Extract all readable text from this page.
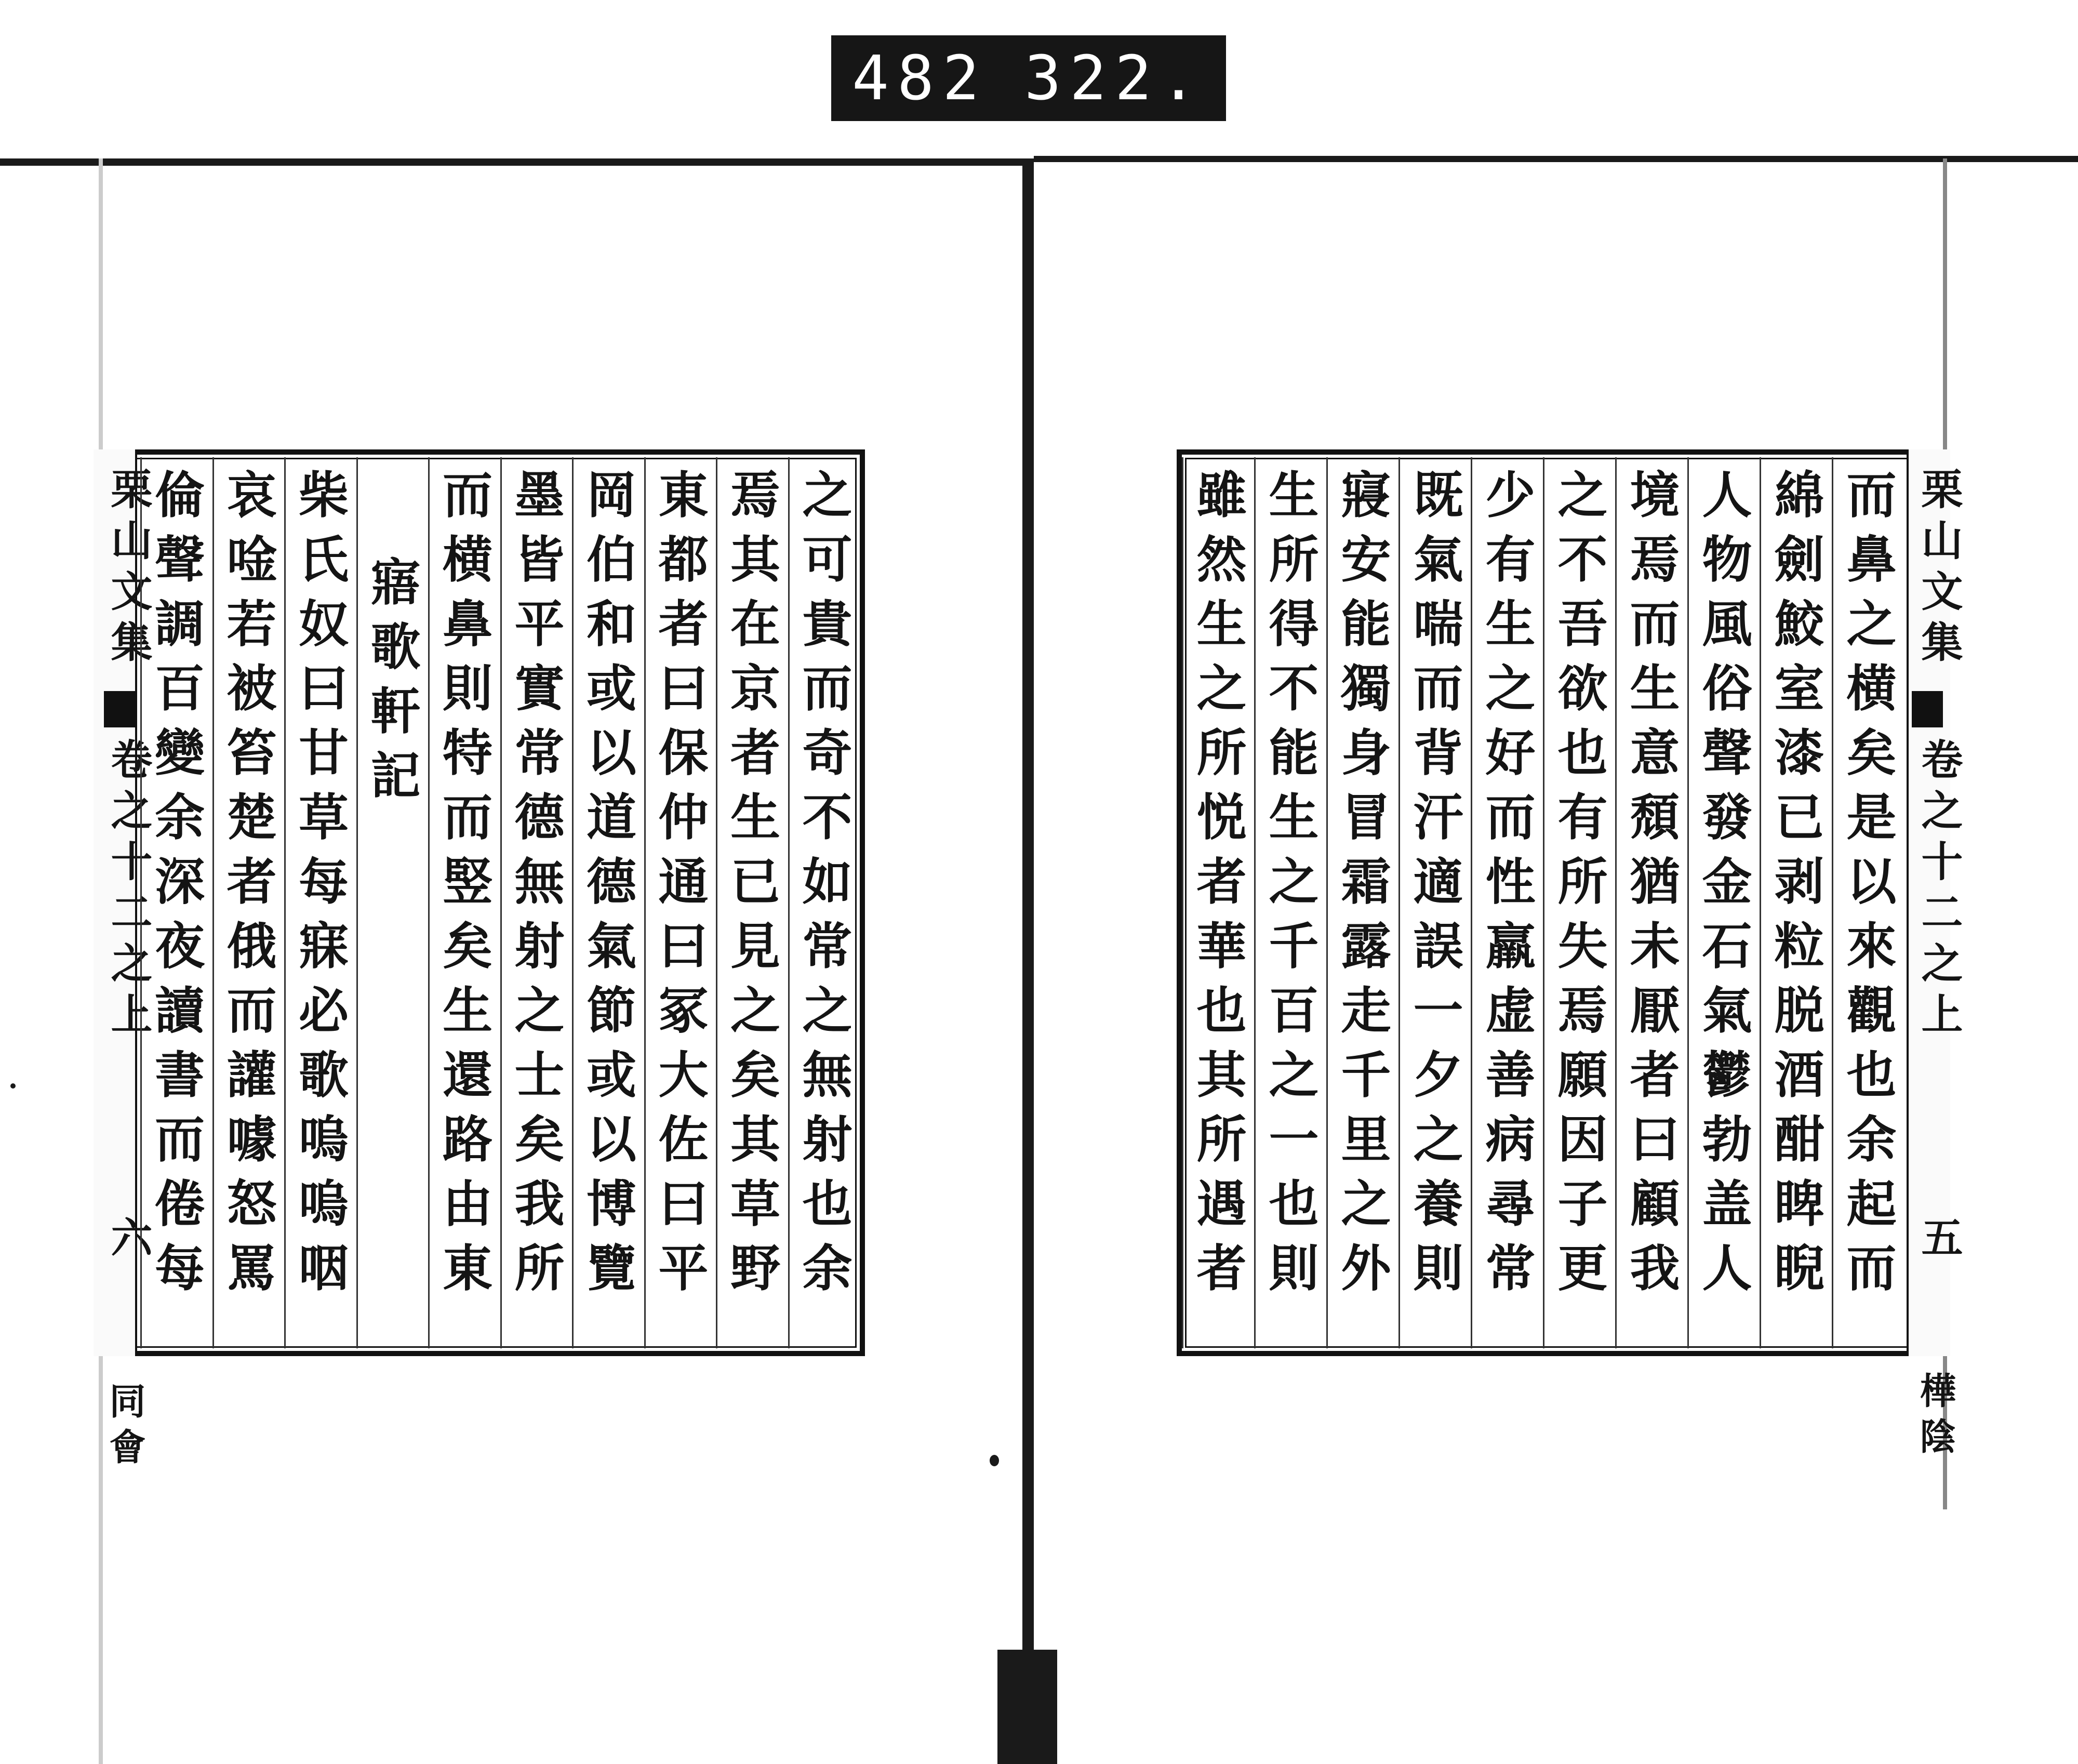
482 322.
栗山文集
卷之十二之上
六
同會
之可貴而奇不如常之無射也余
焉其在京者生已見之矣其草野
東都者曰保仲通曰冢大佐曰平
岡伯和或以道德氣節或以博覽
墨皆平實常德無射之士矣我所
而横鼻則特而竪矣生還路由東
寤歌軒記
柴氏奴曰甘草每寐必歌嗚嗚咽
哀唫若被笞楚者俄而讙噱怒罵
倫聲調百變余深夜讀書而倦每
栗山文集
卷之十二之上
五
樺陰
而鼻之横矣是以來觀也余起而
綿劍鮫室漆已剥粒脱酒酣睥睨
人物風俗聲發金石氣鬱勃盖人
境焉而生意頹猶未厭者曰顧我
之不吾欲也有所失焉願因子更
少有生之好而性羸虚善病尋常
既氣喘而背汗適誤一夕之養則
寢安能獨身冒霜露走千里之外
生所得不能生之千百之一也則
雖然生之所悦者華也其所遇者
